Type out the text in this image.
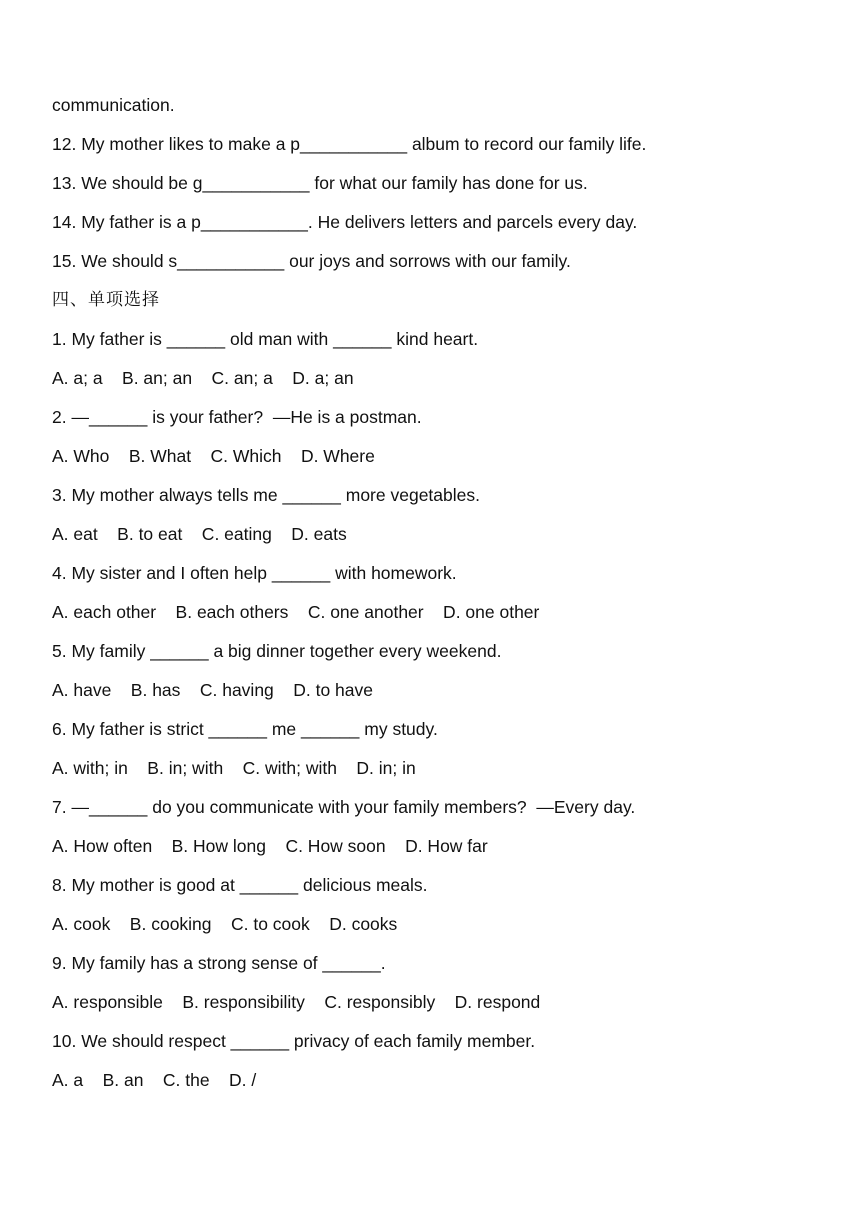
communication.
12. My mother likes to make a p___________ album to record our family life.
13. We should be g___________ for what our family has done for us.
14. My father is a p___________. He delivers letters and parcels every day.
15. We should s___________ our joys and sorrows with our family.
四、单项选择
1. My father is ______ old man with ______ kind heart.
A. a; a    B. an; an    C. an; a    D. a; an
2. —______ is your father?  —He is a postman.
A. Who    B. What    C. Which    D. Where
3. My mother always tells me ______ more vegetables.
A. eat    B. to eat    C. eating    D. eats
4. My sister and I often help ______ with homework.
A. each other    B. each others    C. one another    D. one other
5. My family ______ a big dinner together every weekend.
A. have    B. has    C. having    D. to have
6. My father is strict ______ me ______ my study.
A. with; in    B. in; with    C. with; with    D. in; in
7. —______ do you communicate with your family members?  —Every day.
A. How often    B. How long    C. How soon    D. How far
8. My mother is good at ______ delicious meals.
A. cook    B. cooking    C. to cook    D. cooks
9. My family has a strong sense of ______.
A. responsible    B. responsibility    C. responsibly    D. respond
10. We should respect ______ privacy of each family member.
A. a    B. an    C. the    D. /
